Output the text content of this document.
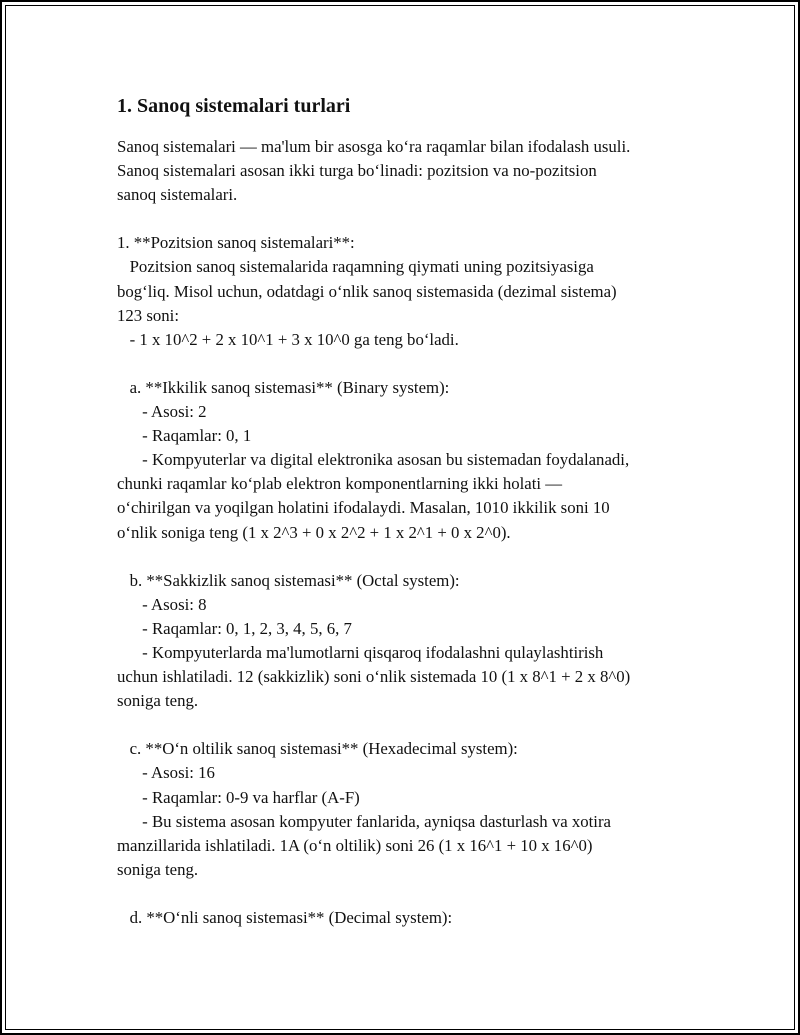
1. Sanoq sistemalari turlari
Sanoq sistemalari — ma'lum bir asosga ko‘ra raqamlar bilan ifodalash usuli.
Sanoq sistemalari asosan ikki turga bo‘linadi: pozitsion va no-pozitsion
sanoq sistemalari.
1. **Pozitsion sanoq sistemalari**:
Pozitsion sanoq sistemalarida raqamning qiymati uning pozitsiyasiga
bog‘liq. Misol uchun, odatdagi o‘nlik sanoq sistemasida (dezimal sistema)
123 soni:
- 1 x 10^2 + 2 x 10^1 + 3 x 10^0 ga teng bo‘ladi.
a. **Ikkilik sanoq sistemasi** (Binary system):
- Asosi: 2
- Raqamlar: 0, 1
- Kompyuterlar va digital elektronika asosan bu sistemadan foydalanadi,
chunki raqamlar ko‘plab elektron komponentlarning ikki holati —
o‘chirilgan va yoqilgan holatini ifodalaydi. Masalan, 1010 ikkilik soni 10
o‘nlik soniga teng (1 x 2^3 + 0 x 2^2 + 1 x 2^1 + 0 x 2^0).
b. **Sakkizlik sanoq sistemasi** (Octal system):
- Asosi: 8
- Raqamlar: 0, 1, 2, 3, 4, 5, 6, 7
- Kompyuterlarda ma'lumotlarni qisqaroq ifodalashni qulaylashtirish
uchun ishlatiladi. 12 (sakkizlik) soni o‘nlik sistemada 10 (1 x 8^1 + 2 x 8^0)
soniga teng.
c. **O‘n oltilik sanoq sistemasi** (Hexadecimal system):
- Asosi: 16
- Raqamlar: 0-9 va harflar (A-F)
- Bu sistema asosan kompyuter fanlarida, ayniqsa dasturlash va xotira
manzillarida ishlatiladi. 1A (o‘n oltilik) soni 26 (1 x 16^1 + 10 x 16^0)
soniga teng.
d. **O‘nli sanoq sistemasi** (Decimal system):
